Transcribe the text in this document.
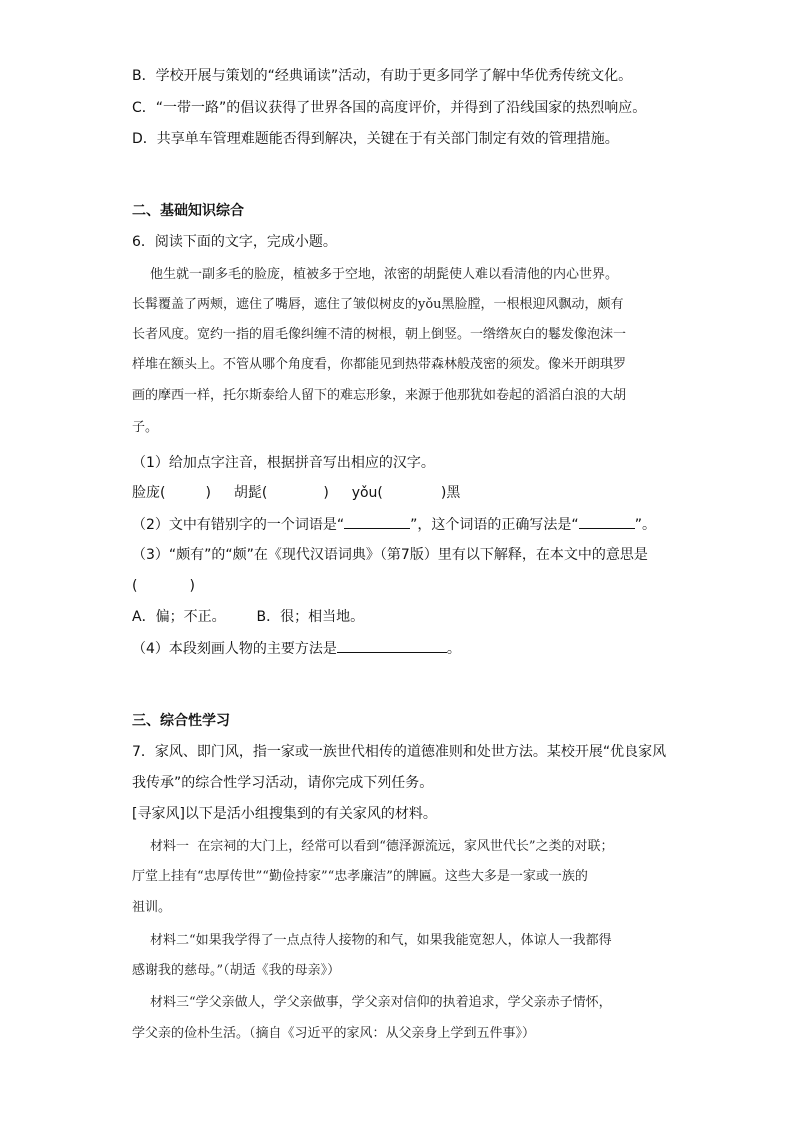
B．学校开展与策划的“经典诵读”活动，有助于更多同学了解中华优秀传统文化。
C．“一带一路”的倡议获得了世界各国的高度评价，并得到了沿线国家的热烈响应。
D．共享单车管理难题能否得到解决，关键在于有关部门制定有效的管理措施。
二、基础知识综合
6．阅读下面的文字，完成小题。
他生就一副多毛的脸庞，植被多于空地，浓密的胡髭使人难以看清他的内心世界。
长髯覆盖了两颊，遮住了嘴唇，遮住了皱似树皮的yǒu黑脸膛，一根根迎风飘动，颇有
长者风度。宽约一指的眉毛像纠缠不清的树根，朝上倒竖。一绺绺灰白的鬈发像泡沫一
样堆在额头上。不管从哪个角度看，你都能见到热带森林般茂密的须发。像米开朗琪罗
画的摩西一样，托尔斯泰给人留下的难忘形象，来源于他那犹如卷起的滔滔白浪的大胡
子。
（1）给加点字注音，根据拼音写出相应的汉字。
脸庞(	) 胡髭(	) yǒu(	)黑
（2）文中有错别字的一个词语是“	”，这个词语的正确写法是“	”。
（3）“颇有”的“颇”在《现代汉语词典》（第7版）里有以下解释，在本文中的意思是
(	)
A．偏；不正。 B．很；相当地。
（4）本段刻画人物的主要方法是	。
三、综合性学习
7．家风、即门风，指一家或一族世代相传的道德准则和处世方法。某校开展“优良家风
我传承”的综合性学习活动，请你完成下列任务。
[寻家风]以下是活小组搜集到的有关家风的材料。
材料一  在宗祠的大门上，经常可以看到“德泽源流远，家风世代长”之类的对联；
厅堂上挂有“忠厚传世”“勤俭持家”“忠孝廉洁”的牌匾。这些大多是一家或一族的
祖训。
材料二“如果我学得了一点点待人接物的和气，如果我能宽恕人，体谅人一我都得
感谢我的慈母。”（胡适《我的母亲》）
材料三“学父亲做人，学父亲做事，学父亲对信仰的执着追求，学父亲赤子情怀，
学父亲的俭朴生活。（摘自《习近平的家风：从父亲身上学到五件事》）
